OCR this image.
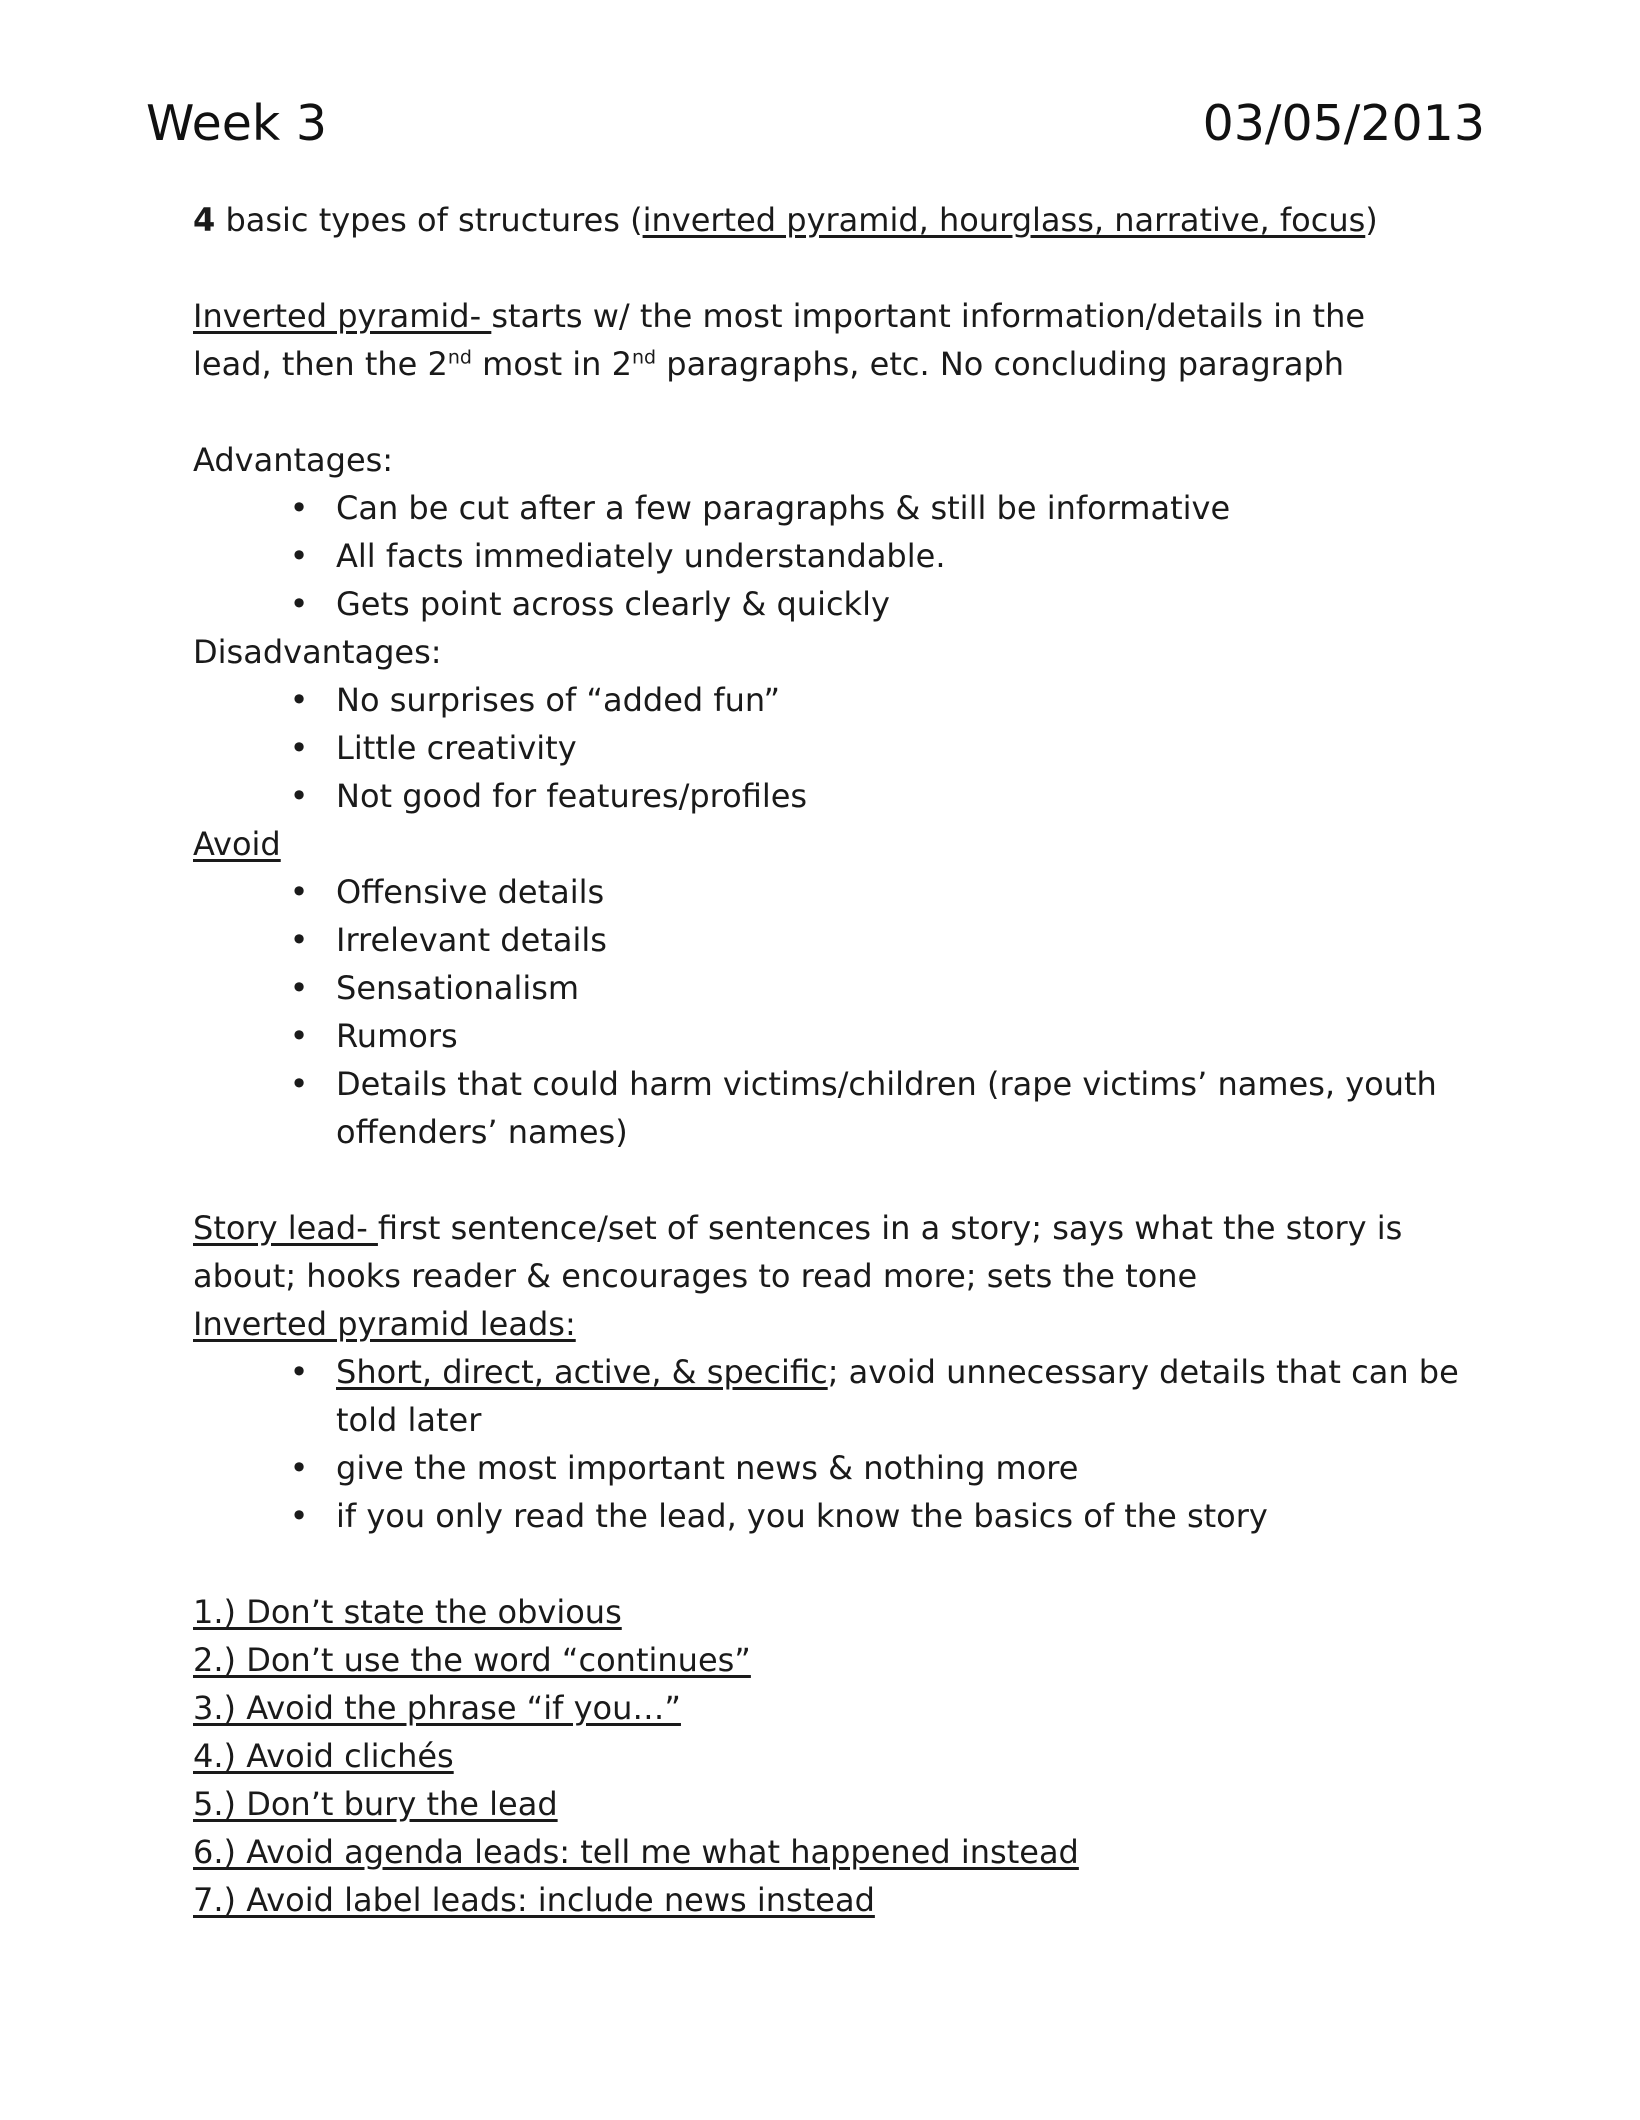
Week 3	03/05/2013
4 basic types of structures (inverted pyramid, hourglass, narrative, focus)
Inverted pyramid- starts w/ the most important information/details in the
lead, then the 2nd most in 2nd paragraphs, etc. No concluding paragraph
Advantages:
• Can be cut after a few paragraphs & still be informative
• All facts immediately understandable.
• Gets point across clearly & quickly
Disadvantages:
• No surprises of “added fun”
• Little creativity
• Not good for features/profiles
Avoid
• Offensive details
• Irrelevant details
• Sensationalism
• Rumors
• Details that could harm victims/children (rape victims’ names, youth offenders’ names)
Story lead- first sentence/set of sentences in a story; says what the story is
about; hooks reader & encourages to read more; sets the tone
Inverted pyramid leads:
• Short, direct, active, & specific; avoid unnecessary details that can be told later
• give the most important news & nothing more
• if you only read the lead, you know the basics of the story
1.) Don’t state the obvious
2.) Don’t use the word “continues”
3.) Avoid the phrase “if you…”
4.) Avoid clichés
5.) Don’t bury the lead
6.) Avoid agenda leads: tell me what happened instead
7.) Avoid label leads: include news instead
